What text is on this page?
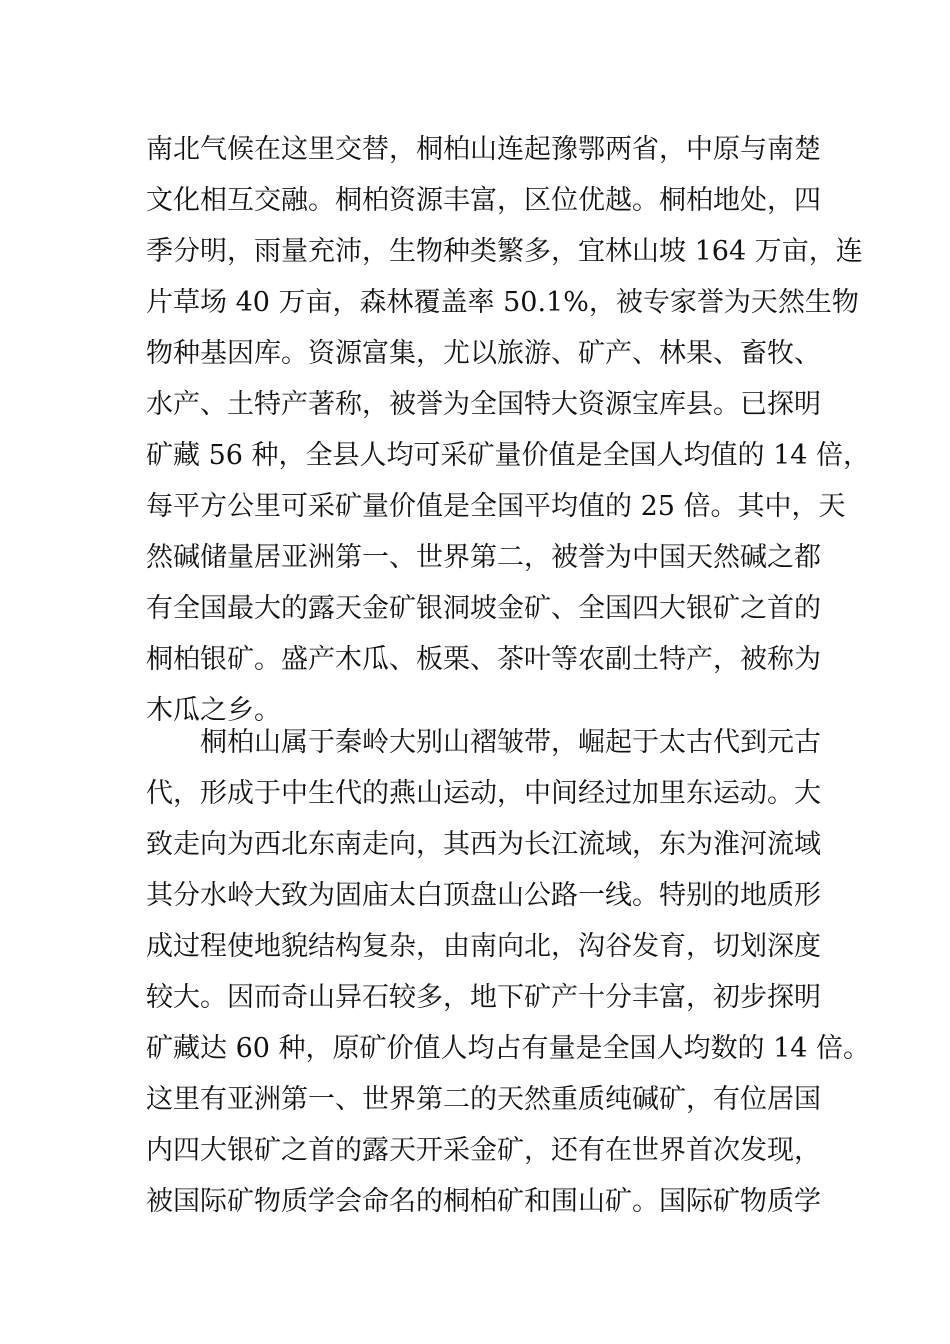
南北气候在这里交替，桐柏山连起豫鄂两省，中原与南楚
文化相互交融。桐柏资源丰富，区位优越。桐柏地处，四
季分明，雨量充沛，生物种类繁多，宜林山坡 164 万亩，连
片草场 40 万亩，森林覆盖率 50.1%，被专家誉为天然生物
物种基因库。资源富集，尤以旅游、矿产、林果、畜牧、
水产、土特产著称，被誉为全国特大资源宝库县。已探明
矿藏 56 种，全县人均可采矿量价值是全国人均值的 14 倍，
每平方公里可采矿量价值是全国平均值的 25 倍。其中，天
然碱储量居亚洲第一、世界第二，被誉为中国天然碱之都
有全国最大的露天金矿银洞坡金矿、全国四大银矿之首的
桐柏银矿。盛产木瓜、板栗、茶叶等农副土特产，被称为
木瓜之乡。
桐柏山属于秦岭大别山褶皱带，崛起于太古代到元古
代，形成于中生代的燕山运动，中间经过加里东运动。大
致走向为西北东南走向，其西为长江流域，东为淮河流域
其分水岭大致为固庙太白顶盘山公路一线。特别的地质形
成过程使地貌结构复杂，由南向北，沟谷发育，切划深度
较大。因而奇山异石较多，地下矿产十分丰富，初步探明
矿藏达 60 种，原矿价值人均占有量是全国人均数的 14 倍。
这里有亚洲第一、世界第二的天然重质纯碱矿，有位居国
内四大银矿之首的露天开采金矿，还有在世界首次发现，
被国际矿物质学会命名的桐柏矿和围山矿。国际矿物质学
